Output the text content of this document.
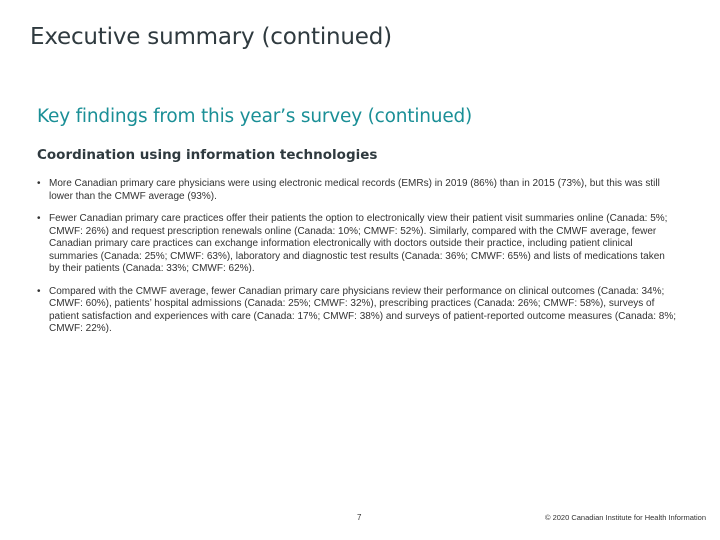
Executive summary (continued)
Key findings from this year’s survey (continued)
Coordination using information technologies
• More Canadian primary care physicians were using electronic medical records (EMRs) in 2019 (86%) than in 2015 (73%), but this was still lower than the CMWF average (93%).
• Fewer Canadian primary care practices offer their patients the option to electronically view their patient visit summaries online (Canada: 5%; CMWF: 26%) and request prescription renewals online (Canada: 10%; CMWF: 52%). Similarly, compared with the CMWF average, fewer Canadian primary care practices can exchange information electronically with doctors outside their practice, including patient clinical summaries (Canada: 25%; CMWF: 63%), laboratory and diagnostic test results (Canada: 36%; CMWF: 65%) and lists of medications taken by their patients (Canada: 33%; CMWF: 62%).
• Compared with the CMWF average, fewer Canadian primary care physicians review their performance on clinical outcomes (Canada: 34%; CMWF: 60%), patients’ hospital admissions (Canada: 25%; CMWF: 32%), prescribing practices (Canada: 26%; CMWF: 58%), surveys of patient satisfaction and experiences with care (Canada: 17%; CMWF: 38%) and surveys of patient-reported outcome measures (Canada: 8%; CMWF: 22%).
7	© 2020 Canadian Institute for Health Information
